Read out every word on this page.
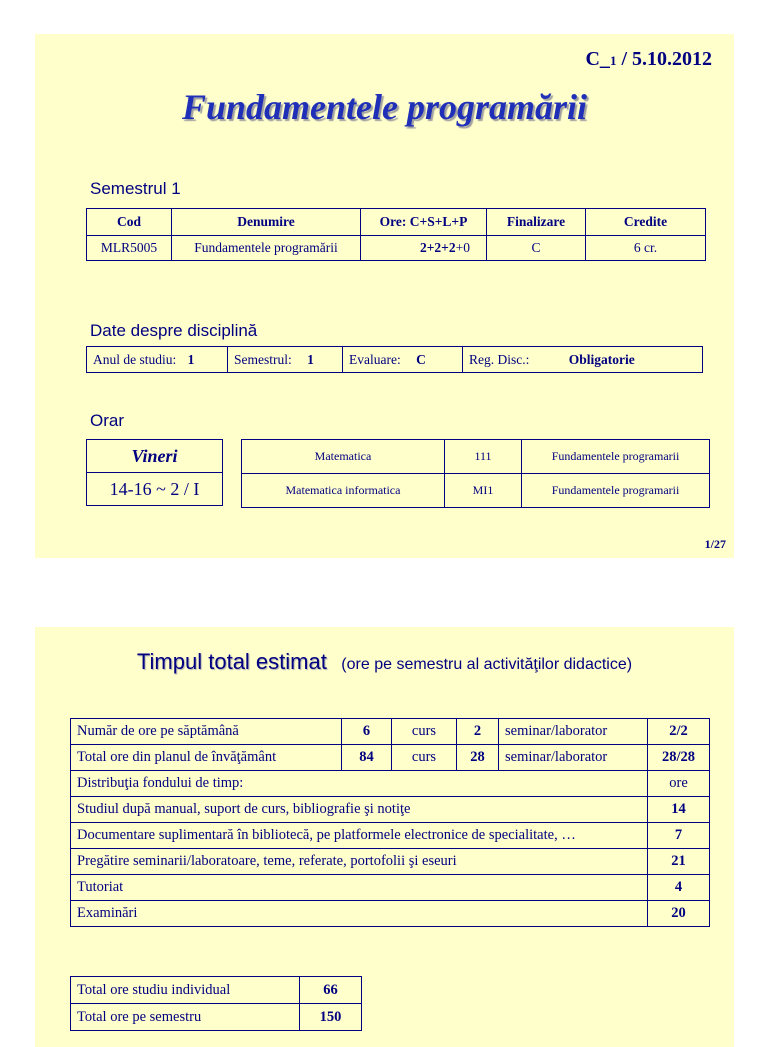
C_1 / 5.10.2012
Fundamentele programării
Semestrul 1
Cod	Denumire	Ore: C+S+L+P	Finalizare	Credite
MLR5005	Fundamentele programării	2+2+2+0	C	6 cr.
Date despre disciplină
Anul de studiu: 1	Semestrul: 1	Evaluare: C	Reg. Disc.:	Obligatorie
Orar
Vineri
14-16 ~ 2 / I
Matematica	111	Fundamentele programarii
Matematica informatica	MI1	Fundamentele programarii
1/27
Timpul total estimat (ore pe semestru al activităţilor didactice)
Număr de ore pe săptămână	6	curs	2	seminar/laborator	2/2
Total ore din planul de învăţământ	84	curs	28	seminar/laborator	28/28
Distribuţia fondului de timp:					ore
Studiul după manual, suport de curs, bibliografie şi notiţe					14
Documentare suplimentară în bibliotecă, pe platformele electronice de specialitate, …					7
Pregătire seminarii/laboratoare, teme, referate, portofolii şi eseuri					21
Tutoriat					4
Examinări					20
Total ore studiu individual	66
Total ore pe semestru	150
